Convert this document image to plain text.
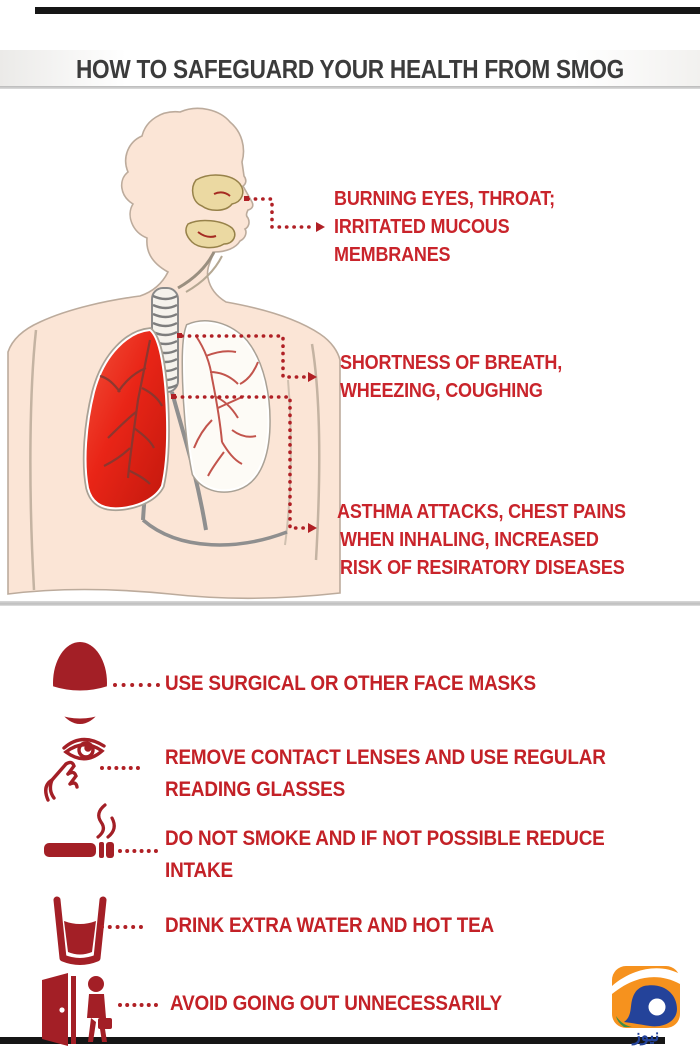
HOW TO SAFEGUARD YOUR HEALTH FROM SMOG
BURNING EYES, THROAT;
IRRITATED MUCOUS
MEMBRANES
SHORTNESS OF BREATH,
WHEEZING, COUGHING
ASTHMA ATTACKS, CHEST PAINS
WHEN INHALING, INCREASED
RISK OF RESIRATORY DISEASES
USE SURGICAL OR OTHER FACE MASKS
REMOVE CONTACT LENSES AND USE REGULAR
READING GLASSES
DO NOT SMOKE AND IF NOT POSSIBLE REDUCE
INTAKE
DRINK EXTRA WATER AND HOT TEA
AVOID GOING OUT UNNECESSARILY
نیوز
